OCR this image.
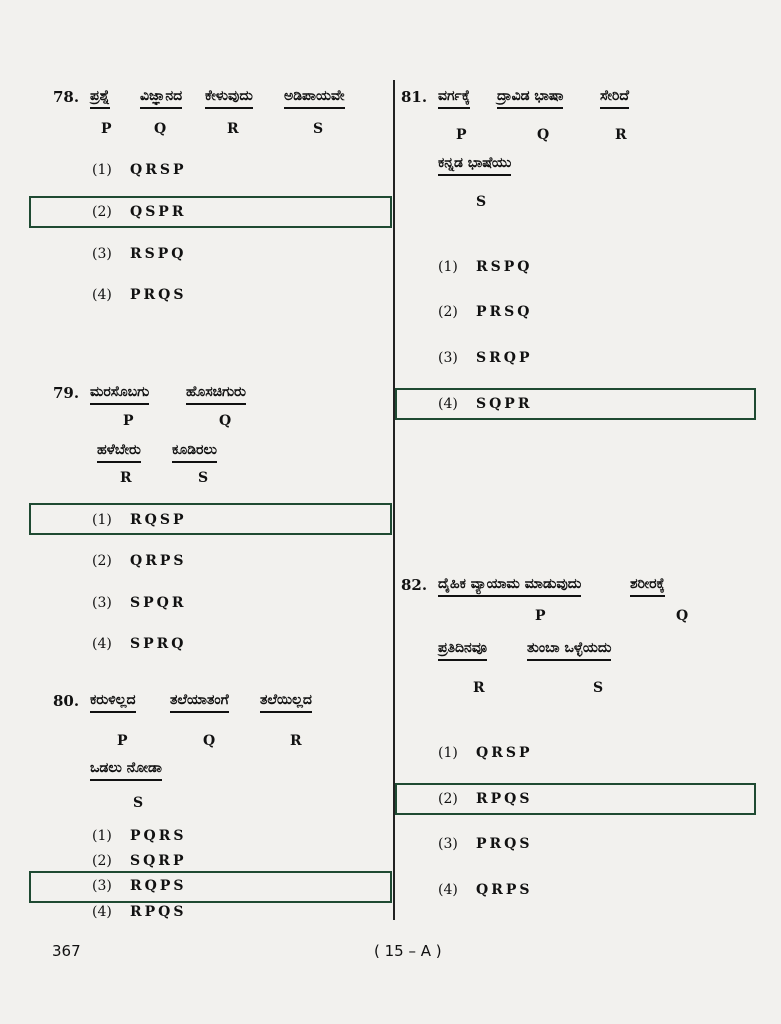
78. ಪ್ರಶ್ನೆ ವಿಜ್ಞಾನದ ಕೇಳುವುದು ಅಡಿಪಾಯವೇ
P	Q	R	S
(1) QRSP
(2) QSPR
(3) RSPQ
(4) PRQS
79. ಮರಸೊಬಗು	ಹೊಸಚಿಗುರು
P	Q
ಹಳೆಬೇರು ಕೂಡಿರಲು
R	S
(1) RQSP
(2) QRPS
(3) SPQR
(4) SPRQ
80. ಕರುಳಿಲ್ಲದ ತಲೆಯಾತಂಗೆ ತಲೆಯಿಲ್ಲದ
P	Q	R
ಒಡಲು ನೋಡಾ
S
(1) PQRS
(2) SQRP
(3) RQPS
(4) RPQS
81. ವರ್ಗಕ್ಕೆ ದ್ರಾವಿಡ ಭಾಷಾ	ಸೇರಿದೆ
P	Q	R
ಕನ್ನಡ ಭಾಷೆಯು
S
(1) RSPQ
(2) PRSQ
(3) SRQP
(4) SQPR
82. ದೈಹಿಕ ವ್ಯಾಯಾಮ ಮಾಡುವುದು	ಶರೀರಕ್ಕೆ
P	Q
ಪ್ರತಿದಿನವೂ	ತುಂಬಾ ಒಳ್ಳೆಯದು
R	S
(1) QRSP
(2) RPQS
(3) PRQS
(4) QRPS
367	( 15 – A )
